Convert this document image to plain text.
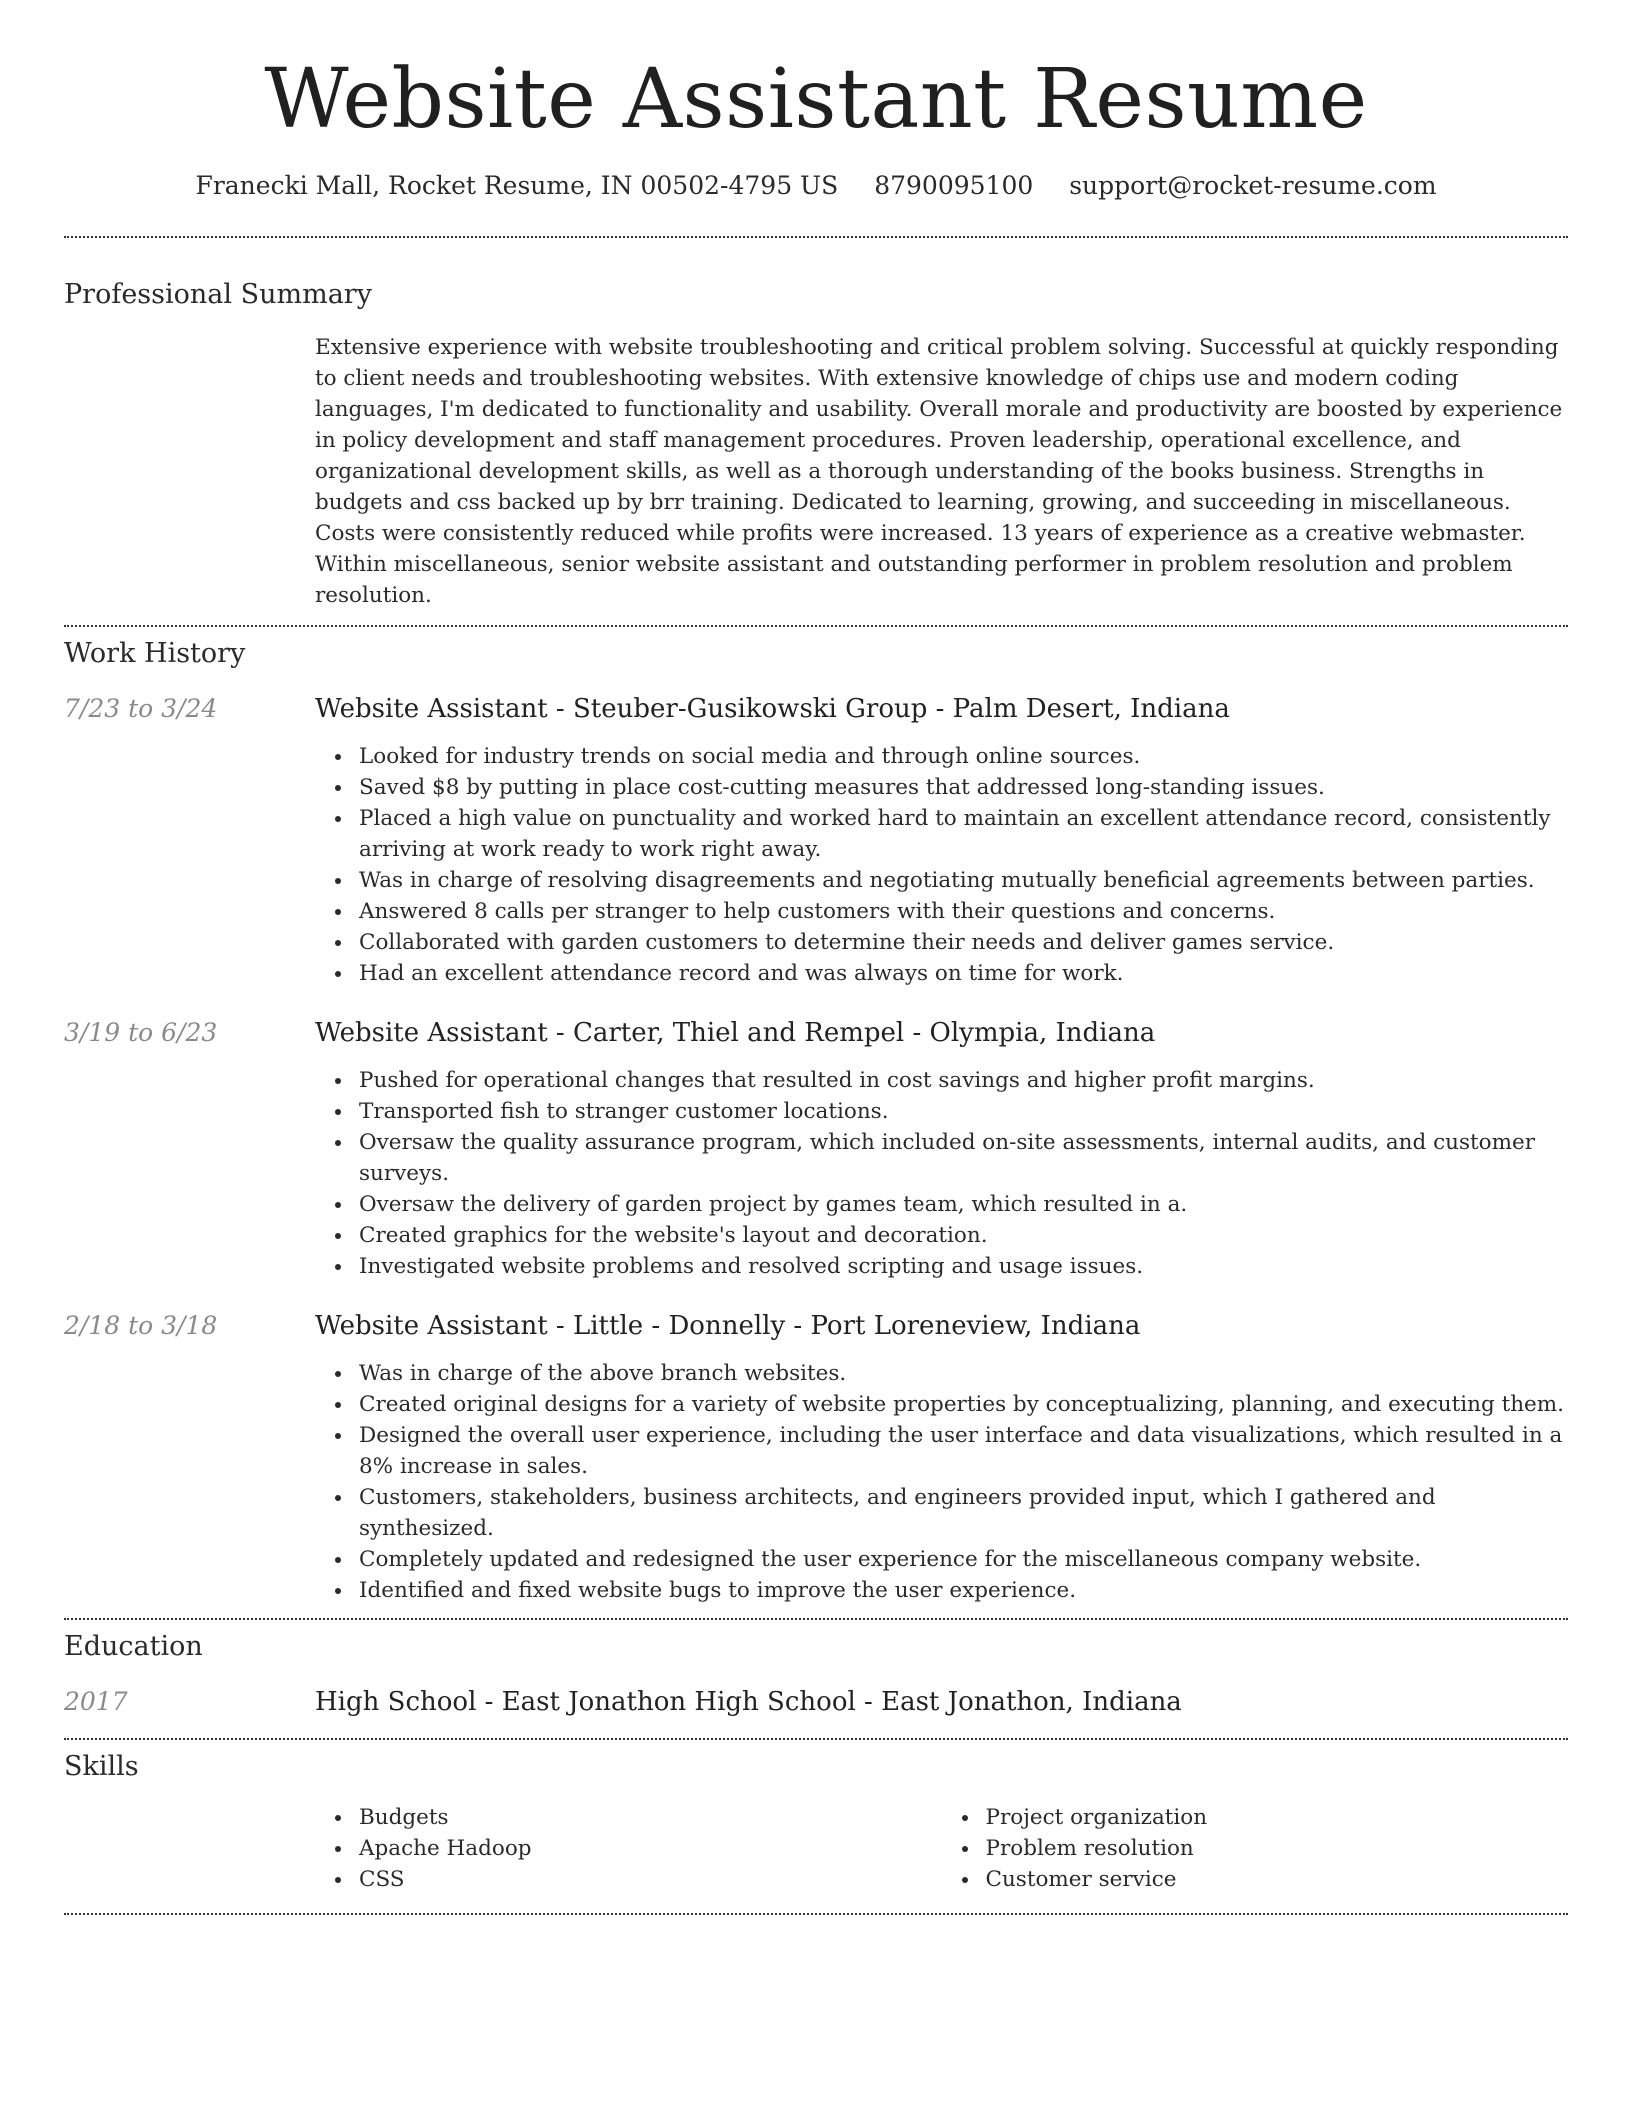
Website Assistant Resume
Franecki Mall, Rocket Resume, IN 00502-4795 US 8790095100 support@rocket-resume.com
Professional Summary
Extensive experience with website troubleshooting and critical problem solving. Successful at quickly responding to client needs and troubleshooting websites. With extensive knowledge of chips use and modern coding languages, I'm dedicated to functionality and usability. Overall morale and productivity are boosted by experience in policy development and staff management procedures. Proven leadership, operational excellence, and organizational development skills, as well as a thorough understanding of the books business. Strengths in budgets and css backed up by brr training. Dedicated to learning, growing, and succeeding in miscellaneous. Costs were consistently reduced while profits were increased. 13 years of experience as a creative webmaster. Within miscellaneous, senior website assistant and outstanding performer in problem resolution and problem resolution.
Work History
7/23 to 3/24	Website Assistant - Steuber-Gusikowski Group - Palm Desert, Indiana
Looked for industry trends on social media and through online sources.
Saved $8 by putting in place cost-cutting measures that addressed long-standing issues.
Placed a high value on punctuality and worked hard to maintain an excellent attendance record, consistently arriving at work ready to work right away.
Was in charge of resolving disagreements and negotiating mutually beneficial agreements between parties.
Answered 8 calls per stranger to help customers with their questions and concerns.
Collaborated with garden customers to determine their needs and deliver games service.
Had an excellent attendance record and was always on time for work.
3/19 to 6/23	Website Assistant - Carter, Thiel and Rempel - Olympia, Indiana
Pushed for operational changes that resulted in cost savings and higher profit margins.
Transported fish to stranger customer locations.
Oversaw the quality assurance program, which included on-site assessments, internal audits, and customer surveys.
Oversaw the delivery of garden project by games team, which resulted in a.
Created graphics for the website's layout and decoration.
Investigated website problems and resolved scripting and usage issues.
2/18 to 3/18	Website Assistant - Little - Donnelly - Port Loreneview, Indiana
Was in charge of the above branch websites.
Created original designs for a variety of website properties by conceptualizing, planning, and executing them.
Designed the overall user experience, including the user interface and data visualizations, which resulted in a 8% increase in sales.
Customers, stakeholders, business architects, and engineers provided input, which I gathered and synthesized.
Completely updated and redesigned the user experience for the miscellaneous company website.
Identified and fixed website bugs to improve the user experience.
Education
2017	High School - East Jonathon High School - East Jonathon, Indiana
Skills
Budgets
Apache Hadoop
CSS
Project organization
Problem resolution
Customer service
